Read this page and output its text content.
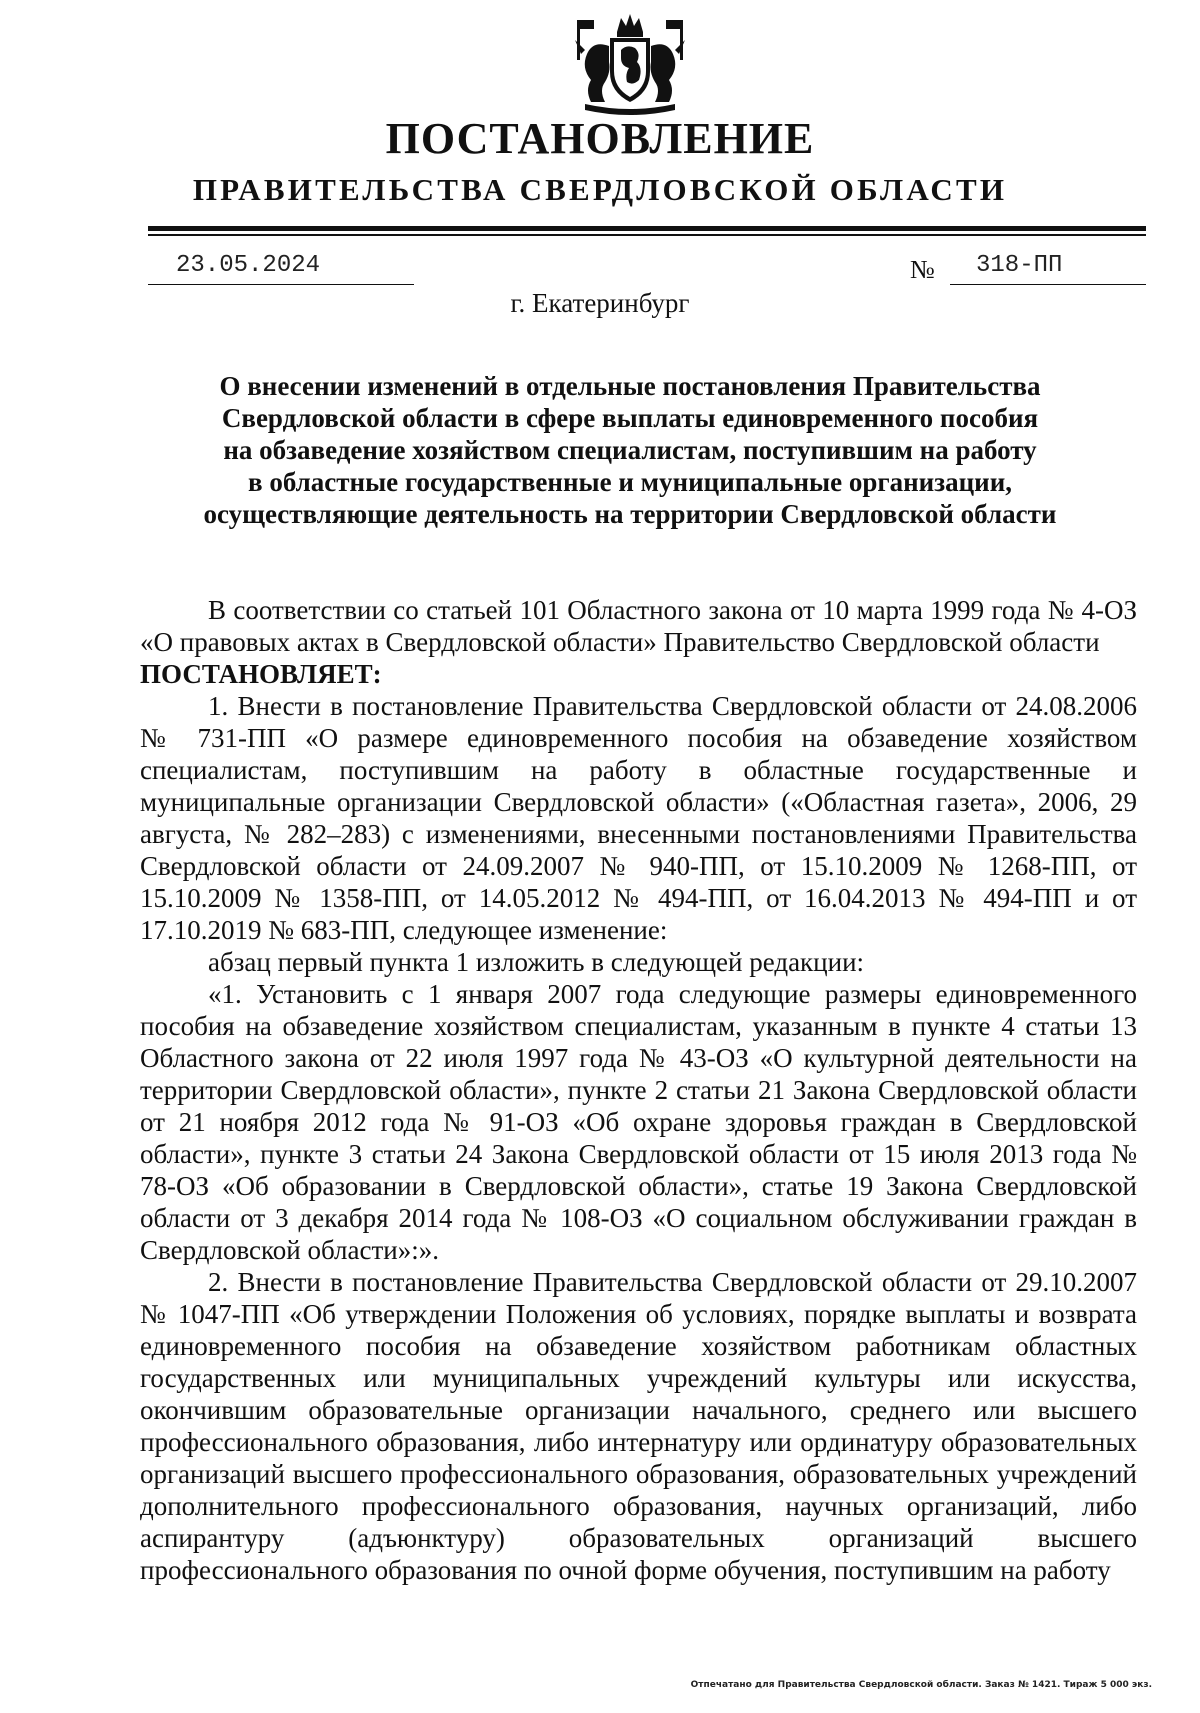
ПОСТАНОВЛЕНИЕ
ПРАВИТЕЛЬСТВА СВЕРДЛОВСКОЙ ОБЛАСТИ
23.05.2024	№ 318-ПП
г. Екатеринбург
О внесении изменений в отдельные постановления Правительства
Свердловской области в сфере выплаты единовременного пособия
на обзаведение хозяйством специалистам, поступившим на работу
в областные государственные и муниципальные организации,
осуществляющие деятельность на территории Свердловской области

В соответствии со статьей 101 Областного закона от 10 марта 1999 года № 4-ОЗ «О правовых актах в Свердловской области» Правительство Свердловской области

ПОСТАНОВЛЯЕТ:

1. Внести в постановление Правительства Свердловской области от 24.08.2006 № 731-ПП «О размере единовременного пособия на обзаведение хозяйством специалистам, поступившим на работу в областные государственные и муниципальные организации Свердловской области» («Областная газета», 2006, 29 августа, № 282–283) с изменениями, внесенными постановлениями Правительства Свердловской области от 24.09.2007 № 940-ПП, от 15.10.2009 № 1268-ПП, от 15.10.2009 № 1358-ПП, от 14.05.2012 № 494-ПП, от 16.04.2013 № 494-ПП и от 17.10.2019 № 683-ПП, следующее изменение:

абзац первый пункта 1 изложить в следующей редакции:

«1. Установить с 1 января 2007 года следующие размеры единовременного пособия на обзаведение хозяйством специалистам, указанным в пункте 4 статьи 13 Областного закона от 22 июля 1997 года № 43-ОЗ «О культурной деятельности на территории Свердловской области», пункте 2 статьи 21 Закона Свердловской области от 21 ноября 2012 года № 91-ОЗ «Об охране здоровья граждан в Свердловской области», пункте 3 статьи 24 Закона Свердловской области от 15 июля 2013 года № 78-ОЗ «Об образовании в Свердловской области», статье 19 Закона Свердловской области от 3 декабря 2014 года № 108-ОЗ «О социальном обслуживании граждан в Свердловской области»:».

2. Внести в постановление Правительства Свердловской области от 29.10.2007 № 1047-ПП «Об утверждении Положения об условиях, порядке выплаты и возврата единовременного пособия на обзаведение хозяйством работникам областных государственных или муниципальных учреждений культуры или искусства, окончившим образовательные организации начального, среднего или высшего профессионального образования, либо интернатуру или ординатуру образовательных организаций высшего профессионального образования, образовательных учреждений дополнительного профессионального образования, научных организаций, либо аспирантуру (адъюнктуру) образовательных организаций высшего профессионального образования по очной форме обучения, поступившим на работу

Отпечатано для Правительства Свердловской области. Заказ № 1421. Тираж 5 000 экз.
